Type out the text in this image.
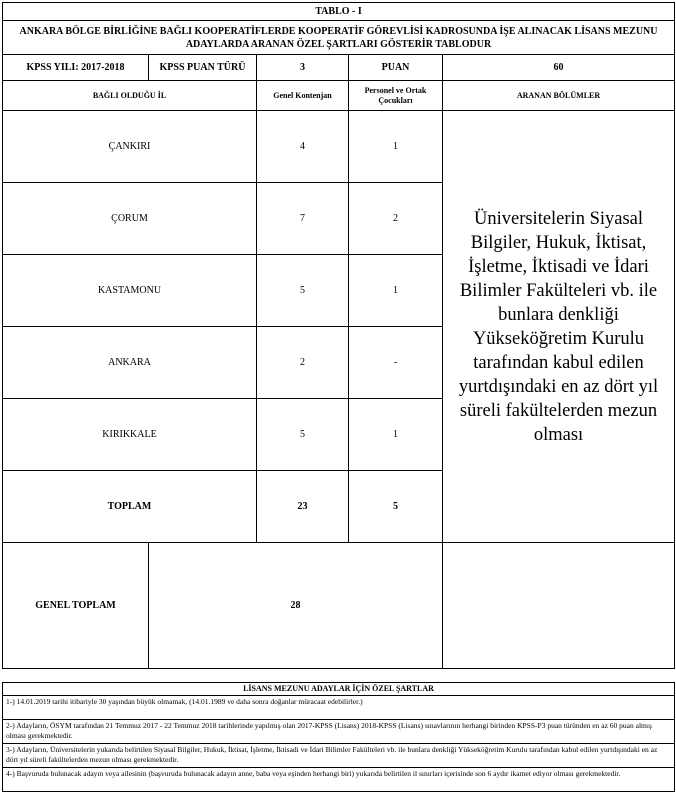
TABLO - I				
ANKARA BÖLGE BİRLİĞİNE BAĞLI KOOPERATİFLERDE KOOPERATİF GÖREVLİSİ KADROSUNDA İŞE ALINACAK LİSANS MEZUNU ADAYLARDA ARANAN ÖZEL ŞARTLARI GÖSTERİR TABLODUR				
KPSS YILI: 2017-2018	KPSS PUAN TÜRÜ	3	PUAN	60
BAĞLI OLDUĞU İL		Genel Kontenjan	Personel ve Ortak Çocukları	ARANAN BÖLÜMLER
ÇANKIRI		4	1	Üniversitelerin Siyasal Bilgiler, Hukuk, İktisat, İşletme, İktisadi ve İdari Bilimler Fakülteleri vb. ile bunlara denkliği Yükseköğretim Kurulu tarafından kabul edilen yurtdışındaki en az dört yıl süreli fakültelerden mezun olması
ÇORUM		7	2	
KASTAMONU		5	1	
ANKARA		2	-	
KIRIKKALE		5	1	
TOPLAM		23	5	
GENEL TOPLAM	28			
LİSANS MEZUNU ADAYLAR İÇİN ÖZEL ŞARTLAR
1-) 14.01.2019 tarihi itibariyle 30 yaşından büyük olmamak, (14.01.1989 ve daha sonra doğanlar müracaat edebilirler.)
2-) Adayların, ÖSYM tarafından 21 Temmuz 2017 - 22 Temmuz 2018 tarihlerinde yapılmış olan 2017-KPSS (Lisans) 2018-KPSS (Lisans) sınavlarının herhangi birinden KPSS-P3 puan türünden en az 60 puan almış olması gerekmektedir.
3-) Adayların, Üniversitelerin yukarıda belirtilen Siyasal Bilgiler, Hukuk, İktisat, İşletme, İktisadi ve İdari Bilimler Fakülteleri vb. ile bunlara denkliği Yükseköğretim Kurulu tarafından kabul edilen yurtdışındaki en az dört yıl süreli fakültelerden mezun olması gerekmektedir.
4-) Başvuruda bulunacak adayın veya ailesinin (başvuruda bulunacak adayın anne, baba veya eşinden herhangi biri) yukarıda belirtilen il sınırları içerisinde son 6 aydır ikamet ediyor olması gerekmektedir.
